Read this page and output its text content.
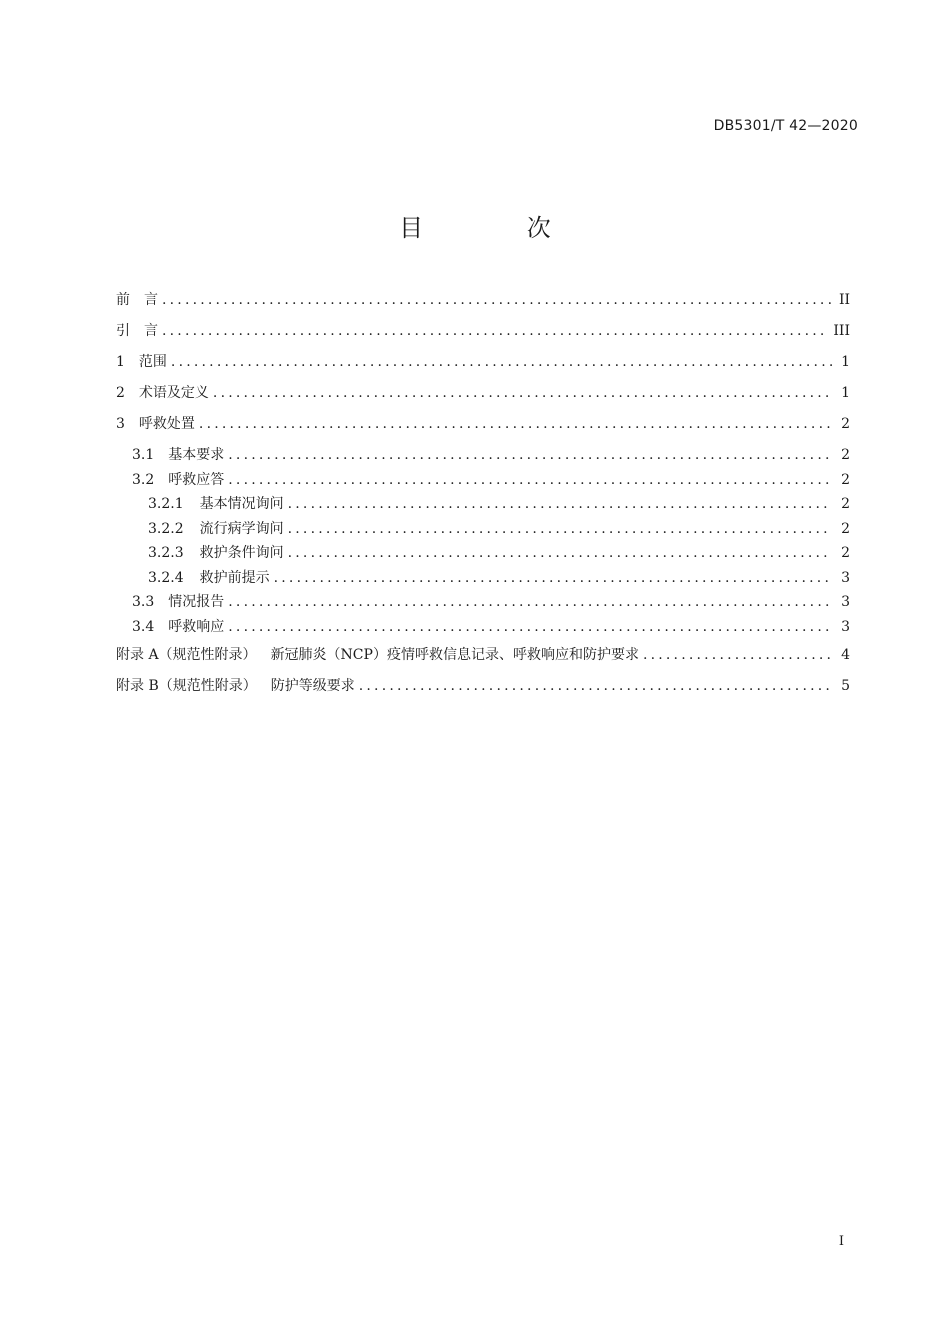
DB5301/T 42—2020
目 次
前　言 .....	II
引　言 .....	III
1 范围 .....	1
2 术语及定义 .....	1
3 呼救处置 .....	2
3.1 基本要求 .....	2
3.2 呼救应答 .....	2
3.2.1 基本情况询问 .....	2
3.2.2 流行病学询问 .....	2
3.2.3 救护条件询问 .....	2
3.2.4 救护前提示 .....	3
3.3 情况报告 .....	3
3.4 呼救响应 .....	3
附录 A（规范性附录） 新冠肺炎（NCP）疫情呼救信息记录、呼救响应和防护要求 .....	4
附录 B（规范性附录） 防护等级要求 .....	5
I
